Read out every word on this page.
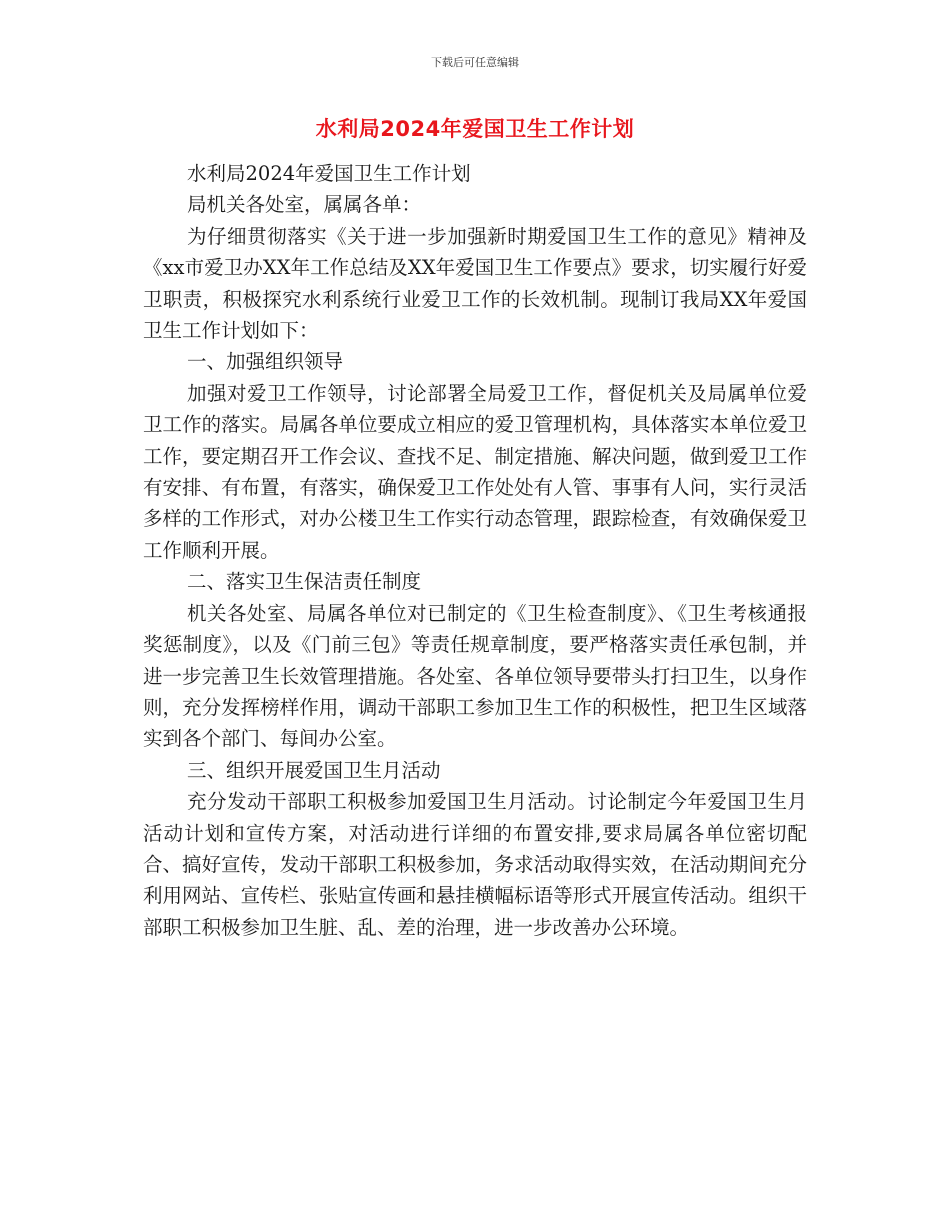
下载后可任意编辑
水利局2024年爱国卫生工作计划

水利局2024年爱国卫生工作计划

局机关各处室，属属各单：

为仔细贯彻落实《关于进一步加强新时期爱国卫生工作的意见》精神及《xx市爱卫办XX年工作总结及XX年爱国卫生工作要点》要求，切实履行好爱卫职责，积极探究水利系统行业爱卫工作的长效机制。现制订我局XX年爱国卫生工作计划如下：

一、加强组织领导

加强对爱卫工作领导，讨论部署全局爱卫工作，督促机关及局属单位爱卫工作的落实。局属各单位要成立相应的爱卫管理机构，具体落实本单位爱卫工作，要定期召开工作会议、查找不足、制定措施、解决问题，做到爱卫工作有安排、有布置，有落实，确保爱卫工作处处有人管、事事有人问，实行灵活多样的工作形式，对办公楼卫生工作实行动态管理，跟踪检查，有效确保爱卫工作顺利开展。

二、落实卫生保洁责任制度

机关各处室、局属各单位对已制定的《卫生检查制度》、《卫生考核通报奖惩制度》，以及《门前三包》等责任规章制度，要严格落实责任承包制，并进一步完善卫生长效管理措施。各处室、各单位领导要带头打扫卫生，以身作则，充分发挥榜样作用，调动干部职工参加卫生工作的积极性，把卫生区域落实到各个部门、每间办公室。

三、组织开展爱国卫生月活动

充分发动干部职工积极参加爱国卫生月活动。讨论制定今年爱国卫生月活动计划和宣传方案，对活动进行详细的布置安排,要求局属各单位密切配合、搞好宣传，发动干部职工积极参加，务求活动取得实效，在活动期间充分利用网站、宣传栏、张贴宣传画和悬挂横幅标语等形式开展宣传活动。组织干部职工积极参加卫生脏、乱、差的治理，进一步改善办公环境。
